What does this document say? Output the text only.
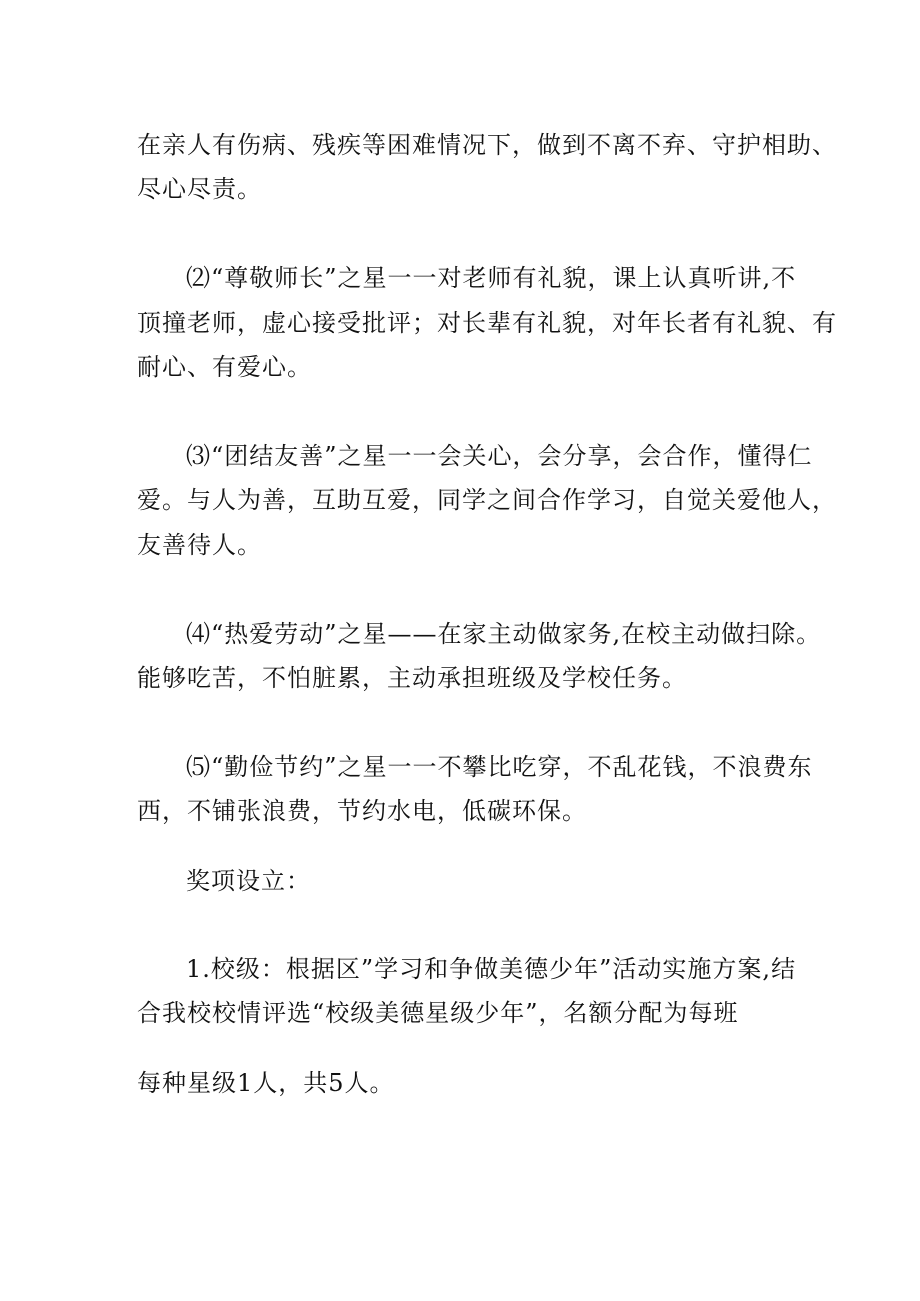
在亲人有伤病、残疾等困难情况下，做到不离不弃、守护相助、
尽心尽责。
⑵“尊敬师长”之星一一对老师有礼貌，课上认真听讲,不
顶撞老师，虚心接受批评；对长辈有礼貌，对年长者有礼貌、有
耐心、有爱心。
⑶“团结友善”之星一一会关心，会分享，会合作，懂得仁
爱。与人为善，互助互爱，同学之间合作学习，自觉关爱他人，
友善待人。
⑷“热爱劳动”之星——在家主动做家务,在校主动做扫除。
能够吃苦，不怕脏累，主动承担班级及学校任务。
⑸“勤俭节约”之星一一不攀比吃穿，不乱花钱，不浪费东
西，不铺张浪费，节约水电，低碳环保。
奖项设立：
1.校级：根据区”学习和争做美德少年”活动实施方案,结
合我校校情评选“校级美德星级少年”，名额分配为每班
每种星级1人，共5人。
